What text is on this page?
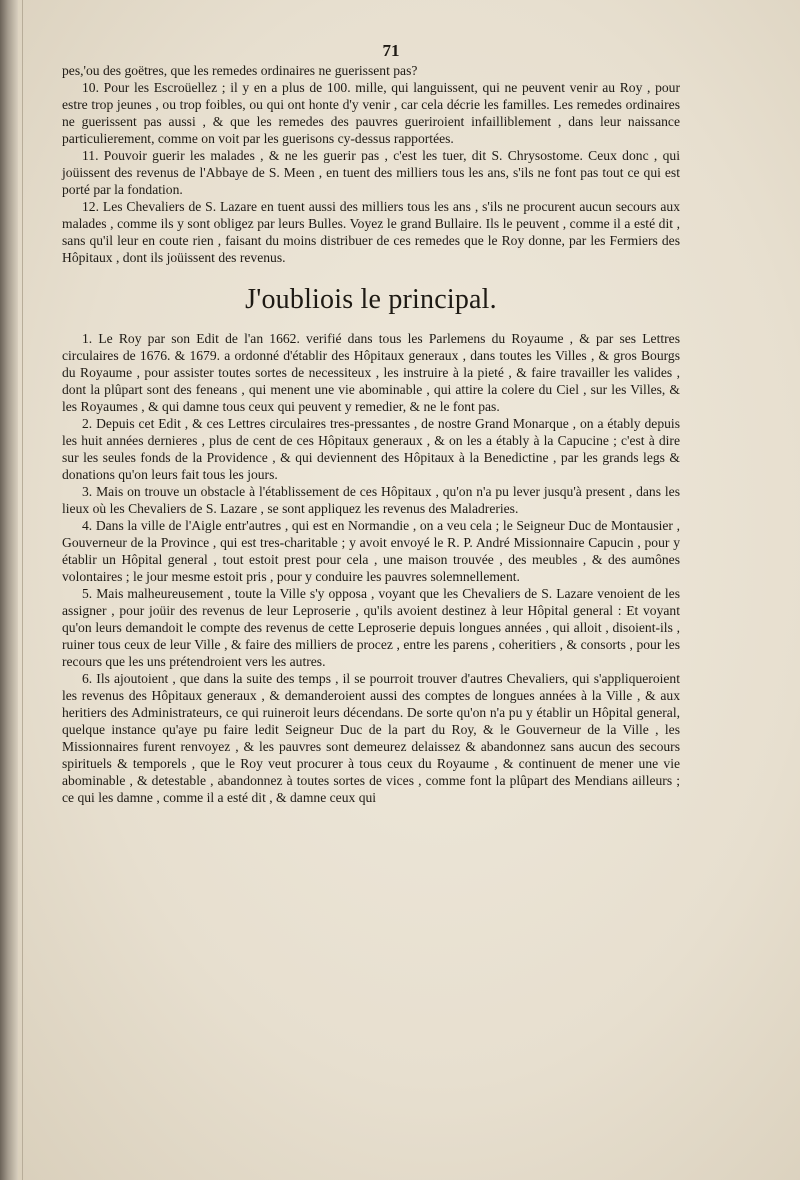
71

pes,'ou des goëtres, que les remedes ordinaires ne guerissent pas?

10. Pour les Escroüellez ; il y en a plus de 100. mille, qui languissent, qui ne peuvent venir au Roy , pour estre trop jeunes , ou trop foibles, ou qui ont honte d'y venir , car cela décrie les familles. Les remedes ordinaires ne guerissent pas aussi , & que les remedes des pauvres gueriroient infailliblement , dans leur naissance particulierement, comme on voit par les guerisons cy-dessus rapportées.

11. Pouvoir guerir les malades , & ne les guerir pas , c'est les tuer, dit S. Chrysostome. Ceux donc , qui joüissent des revenus de l'Abbaye de S. Meen , en tuent des milliers tous les ans, s'ils ne font pas tout ce qui est porté par la fondation.

12. Les Chevaliers de S. Lazare en tuent aussi des milliers tous les ans , s'ils ne procurent aucun secours aux malades , comme ils y sont obligez par leurs Bulles. Voyez le grand Bullaire. Ils le peuvent , comme il a esté dit , sans qu'il leur en coute rien , faisant du moins distribuer de ces remedes que le Roy donne, par les Fermiers des Hôpitaux , dont ils joüissent des revenus.

J'oubliois le principal.

1. Le Roy par son Edit de l'an 1662. verifié dans tous les Parlemens du Royaume , & par ses Lettres circulaires de 1676. & 1679. a ordonné d'établir des Hôpitaux generaux , dans toutes les Villes , & gros Bourgs du Royaume , pour assister toutes sortes de necessiteux , les instruire à la pieté , & faire travailler les valides , dont la plûpart sont des feneans , qui menent une vie abominable , qui attire la colere du Ciel , sur les Villes, & les Royaumes , & qui damne tous ceux qui peuvent y remedier, & ne le font pas.

2. Depuis cet Edit , & ces Lettres circulaires tres-pressantes , de nostre Grand Monarque , on a étably depuis les huit années dernieres , plus de cent de ces Hôpitaux generaux , & on les a étably à la Capucine ; c'est à dire sur les seules fonds de la Providence , & qui deviennent des Hôpitaux à la Benedictine , par les grands legs & donations qu'on leurs fait tous les jours.

3. Mais on trouve un obstacle à l'établissement de ces Hôpitaux , qu'on n'a pu lever jusqu'à present , dans les lieux où les Chevaliers de S. Lazare , se sont appliquez les revenus des Maladreries.

4. Dans la ville de l'Aigle entr'autres , qui est en Normandie , on a veu cela ; le Seigneur Duc de Montausier , Gouverneur de la Province , qui est tres-charitable ; y avoit envoyé le R. P. André Missionnaire Capucin , pour y établir un Hôpital general , tout estoit prest pour cela , une maison trouvée , des meubles , & des aumônes volontaires ; le jour mesme estoit pris , pour y conduire les pauvres solemnellement.

5. Mais malheureusement , toute la Ville s'y opposa , voyant que les Chevaliers de S. Lazare venoient de les assigner , pour joüir des revenus de leur Leproserie , qu'ils avoient destinez à leur Hôpital general : Et voyant qu'on leurs demandoit le compte des revenus de cette Leproserie depuis longues années , qui alloit , disoient-ils , ruiner tous ceux de leur Ville , & faire des milliers de procez , entre les parens , coheritiers , & consorts , pour les recours que les uns prétendroient vers les autres.

6. Ils ajoutoient , que dans la suite des temps , il se pourroit trouver d'autres Chevaliers, qui s'appliqueroient les revenus des Hôpitaux generaux , & demanderoient aussi des comptes de longues années à la Ville , & aux heritiers des Administrateurs, ce qui ruineroit leurs décendans. De sorte qu'on n'a pu y établir un Hôpital general, quelque instance qu'aye pu faire ledit Seigneur Duc de la part du Roy, & le Gouverneur de la Ville , les Missionnaires furent renvoyez , & les pauvres sont demeurez delaissez & abandonnez sans aucun des secours spirituels & temporels , que le Roy veut procurer à tous ceux du Royaume , & continuent de mener une vie abominable , & detestable , abandonnez à toutes sortes de vices , comme font la plûpart des Mendians ailleurs ; ce qui les damne , comme il a esté dit , & damne ceux qui
